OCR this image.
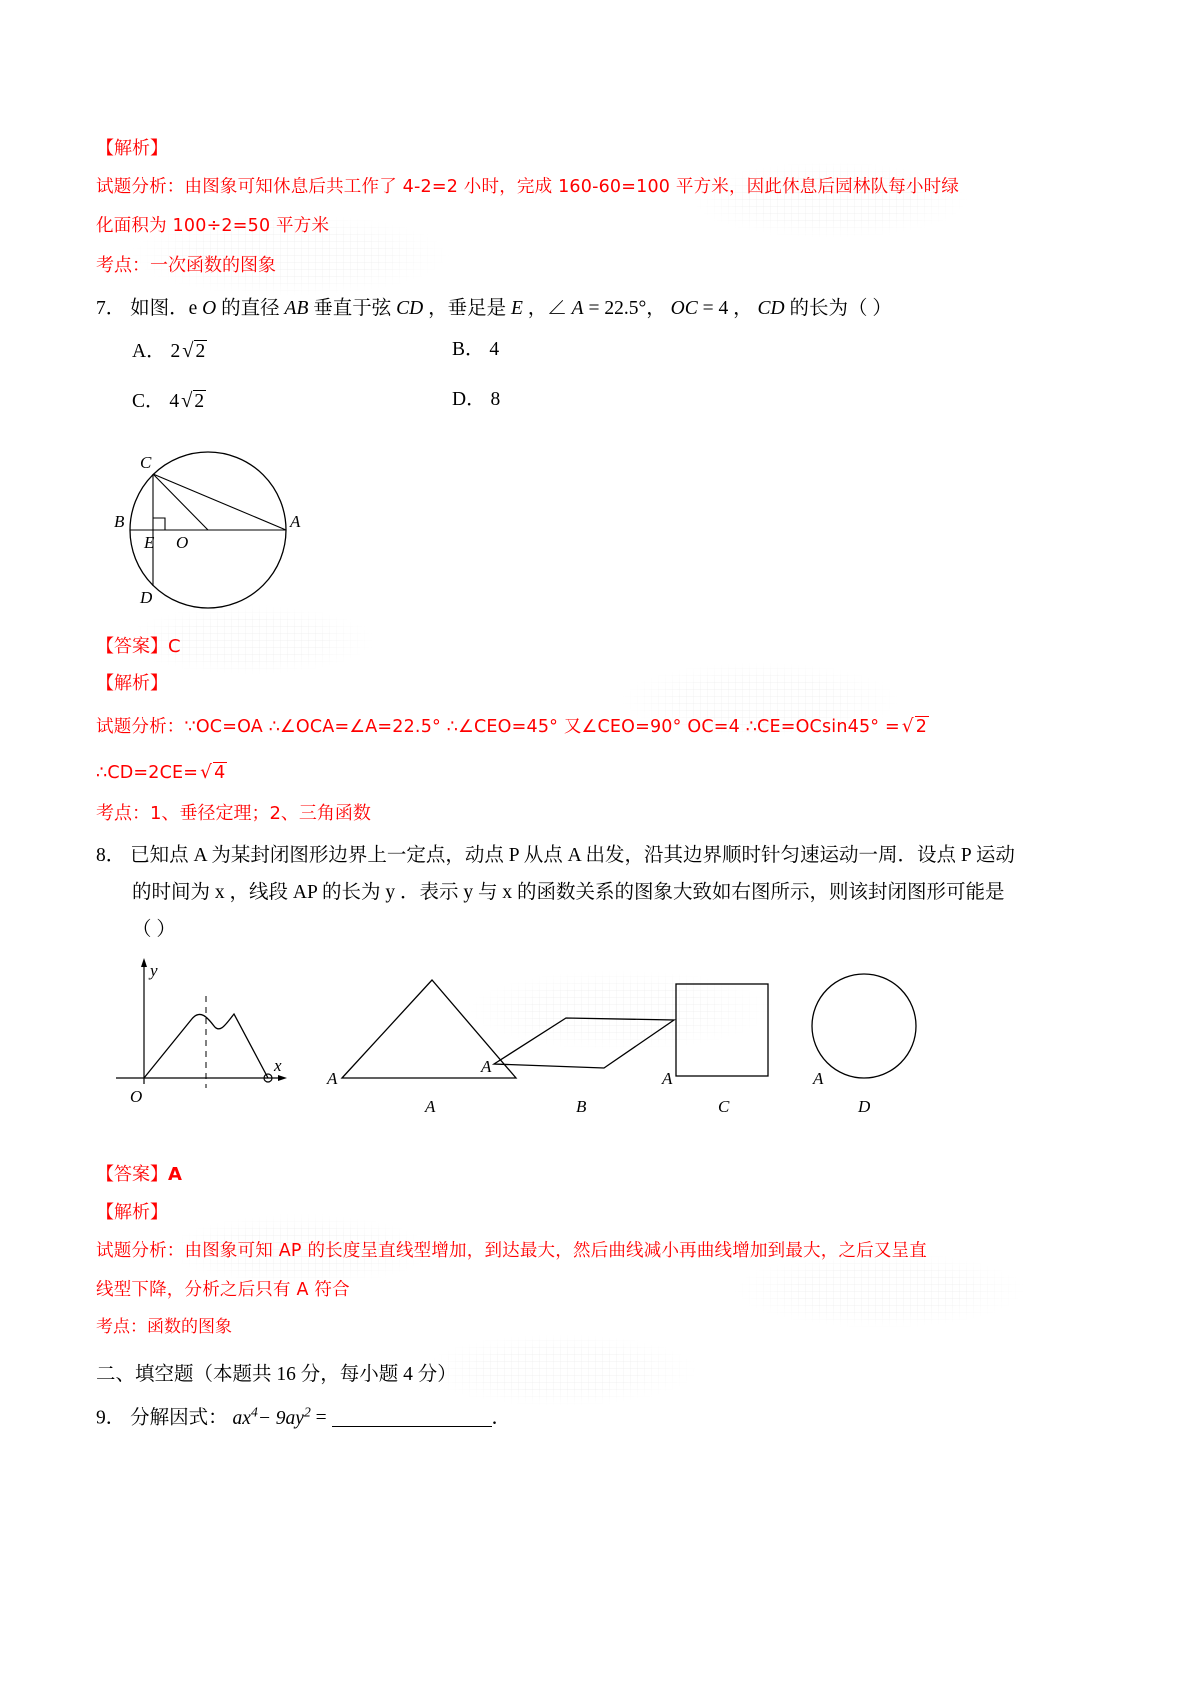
【解析】
试题分析：由图象可知休息后共工作了 4-2=2 小时，完成 160-60=100 平方米，因此休息后园林队每小时绿
化面积为 100÷2=50 平方米
考点：一次函数的图象
7． 如图．e O 的直径 AB 垂直于弦 CD ，垂足是 E ，∠ A = 22.5°， OC = 4 ， CD 的长为（ ）
A． 2√ 2	B． 4
C． 4√ 2	D． 8
C
B
E O
A
D
【答案】C
【解析】
试题分析：∵OC=OA ∴∠OCA=∠A=22.5° ∴∠CEO=45° 又∠CEO=90° OC=4 ∴CE=OCsin45° = √ 2
∴CD=2CE= √ 4
考点：1、垂径定理；2、三角函数
8． 已知点 A 为某封闭图形边界上一定点，动点 P 从点 A 出发，沿其边界顺时针匀速运动一周．设点 P 运动
的时间为 x ，线段 AP 的长为 y ．表示 y 与 x 的函数关系的图象大致如右图所示，则该封闭图形可能是
（ ）
y
x
O
A
A
A
B
A
C
A
D
【答案】A
【解析】
试题分析：由图象可知 AP 的长度呈直线型增加，到达最大，然后曲线减小再曲线增加到最大，之后又呈直
线型下降，分析之后只有 A 符合
考点：函数的图象
二、填空题（本题共 16 分，每小题 4 分）
9． 分解因式： $ax^4- 9ay^2$ =	．
